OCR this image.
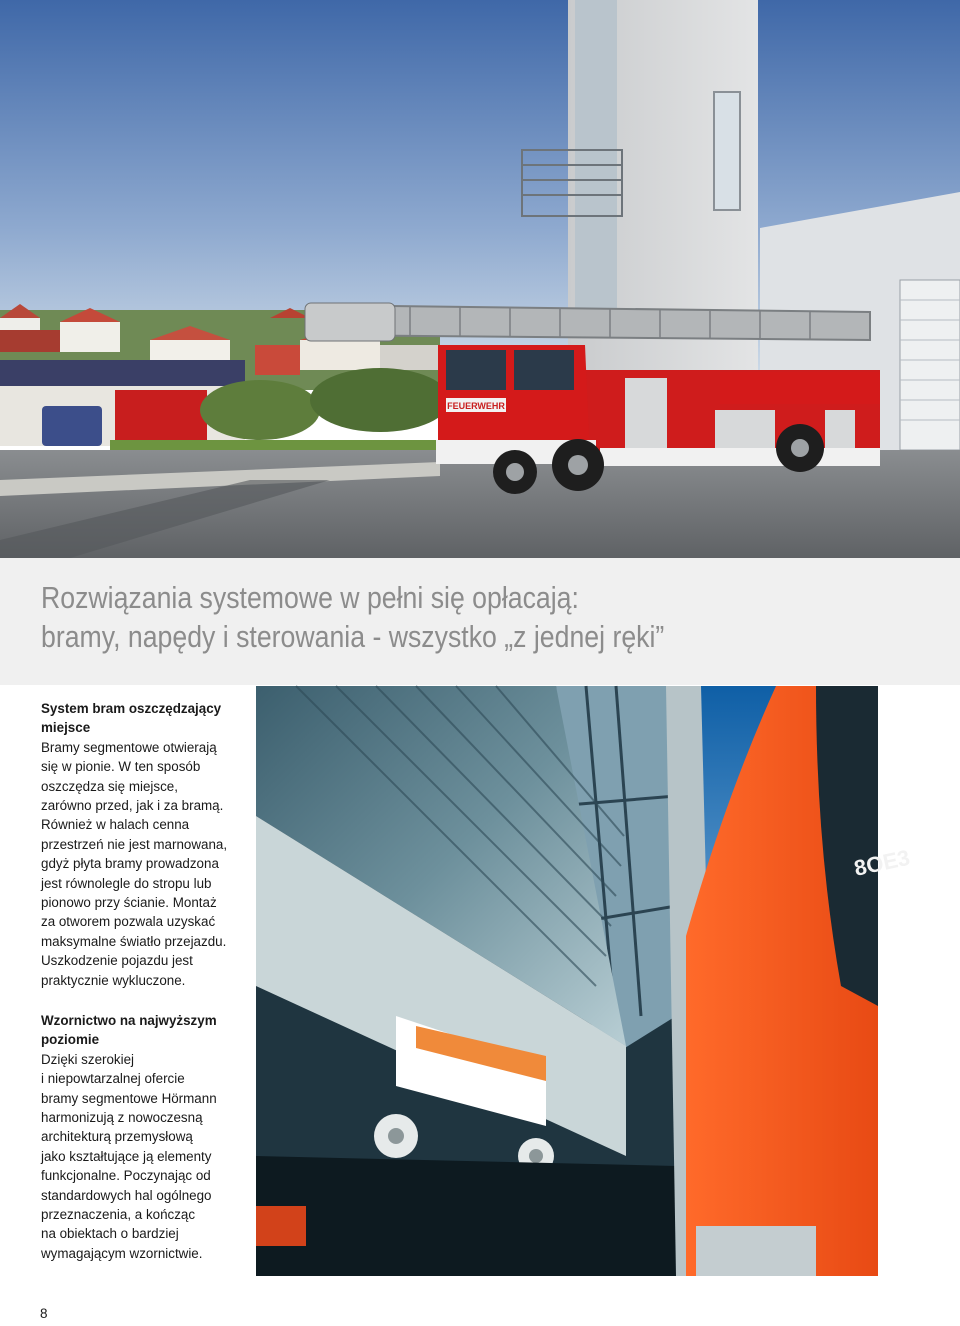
FEUERWEHR
Rozwiązania systemowe w pełni się opłacają:
bramy, napędy i sterowania - wszystko „z jednej ręki”
System bram oszczędzający miejsce

Bramy segmentowe otwierają
się w pionie. W ten sposób
oszczędza się miejsce,
zarówno przed, jak i za bramą.
Również w halach cenna
przestrzeń nie jest marnowana,
gdyż płyta bramy prowadzona
jest równolegle do stropu lub
pionowo przy ścianie. Montaż
za otworem pozwala uzyskać
maksymalne światło przejazdu.
Uszkodzenie pojazdu jest
praktycznie wykluczone.

Wzornictwo na najwyższym poziomie

Dzięki szerokiej
i niepowtarzalnej ofercie
bramy segmentowe Hörmann
harmonizują z nowoczesną
architekturą przemysłową
jako kształtujące ją elementy
funkcjonalne. Poczynając od
standardowych hal ogólnego
przeznaczenia, a kończąc
na obiektach o bardziej
wymagającym wzornictwie.

8OE3
8
